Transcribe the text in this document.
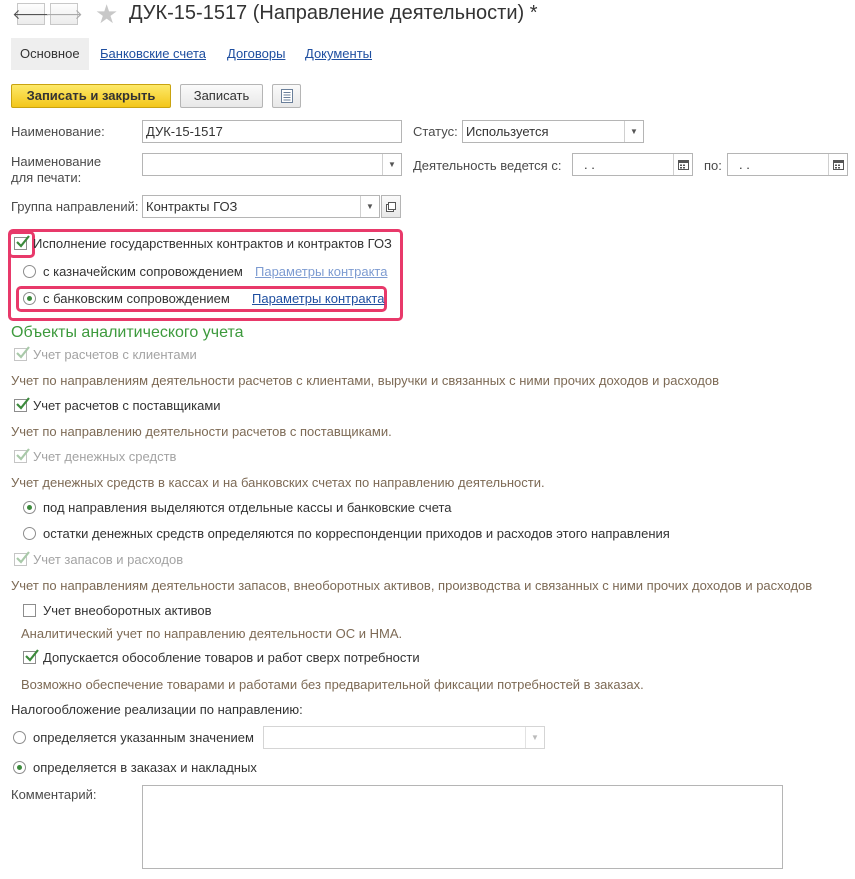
🡐
🡒 ★ ДУК-15-1517 (Направление деятельности) *
Основное	Банковские счета Договоры Документы
Записать и закрыть	Записать
Наименование:	ДУК-15-1517	Статус: Используется	▼
Наименование
для печати:
▼	Деятельность ведется с:	. .	по:	. .
Группа направлений: Контракты ГОЗ	▼
Исполнение государственных контрактов и контрактов ГОЗ
с казначейским сопровождением Параметры контракта
с банковским сопровождением Параметры контракта
Объекты аналитического учета
Учет расчетов с клиентами
Учет по направлениям деятельности расчетов с клиентами, выручки и связанных с ними прочих доходов и расходов
Учет расчетов с поставщиками
Учет по направлению деятельности расчетов с поставщиками.
Учет денежных средств
Учет денежных средств в кассах и на банковских счетах по направлению деятельности.
под направления выделяются отдельные кассы и банковские счета
остатки денежных средств определяются по корреспонденции приходов и расходов этого направления
Учет запасов и расходов
Учет по направлениям деятельности запасов, внеоборотных активов, производства и связанных с ними прочих доходов и расходов
Учет внеоборотных активов
Аналитический учет по направлению деятельности ОС и НМА.
Допускается обособление товаров и работ сверх потребности
Возможно обеспечение товарами и работами без предварительной фиксации потребностей в заказах.
Налогообложение реализации по направлению:
определяется указанным значением	▼
определяется в заказах и накладных
Комментарий:
